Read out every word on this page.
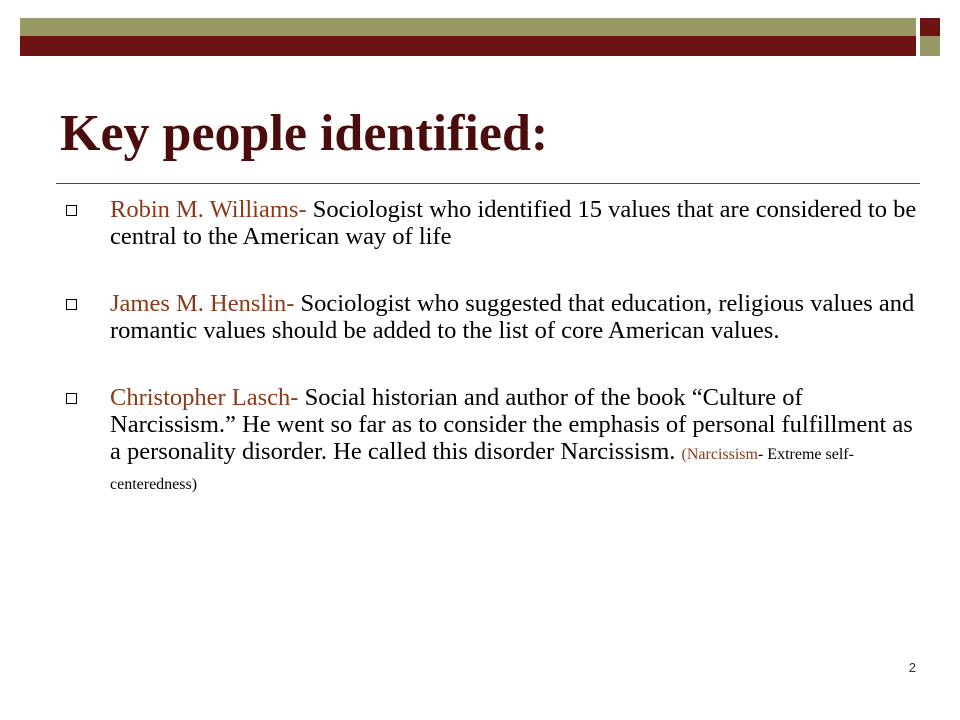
Key people identified:
Robin M. Williams- Sociologist who identified 15 values that are considered to be central to the American way of life
James M. Henslin- Sociologist who suggested that education, religious values and romantic values should be added to the list of core American values.
Christopher Lasch- Social historian and author of the book “Culture of Narcissism.” He went so far as to consider the emphasis of personal fulfillment as a personality disorder. He called this disorder Narcissism. (Narcissism- Extreme self-centeredness)
2
